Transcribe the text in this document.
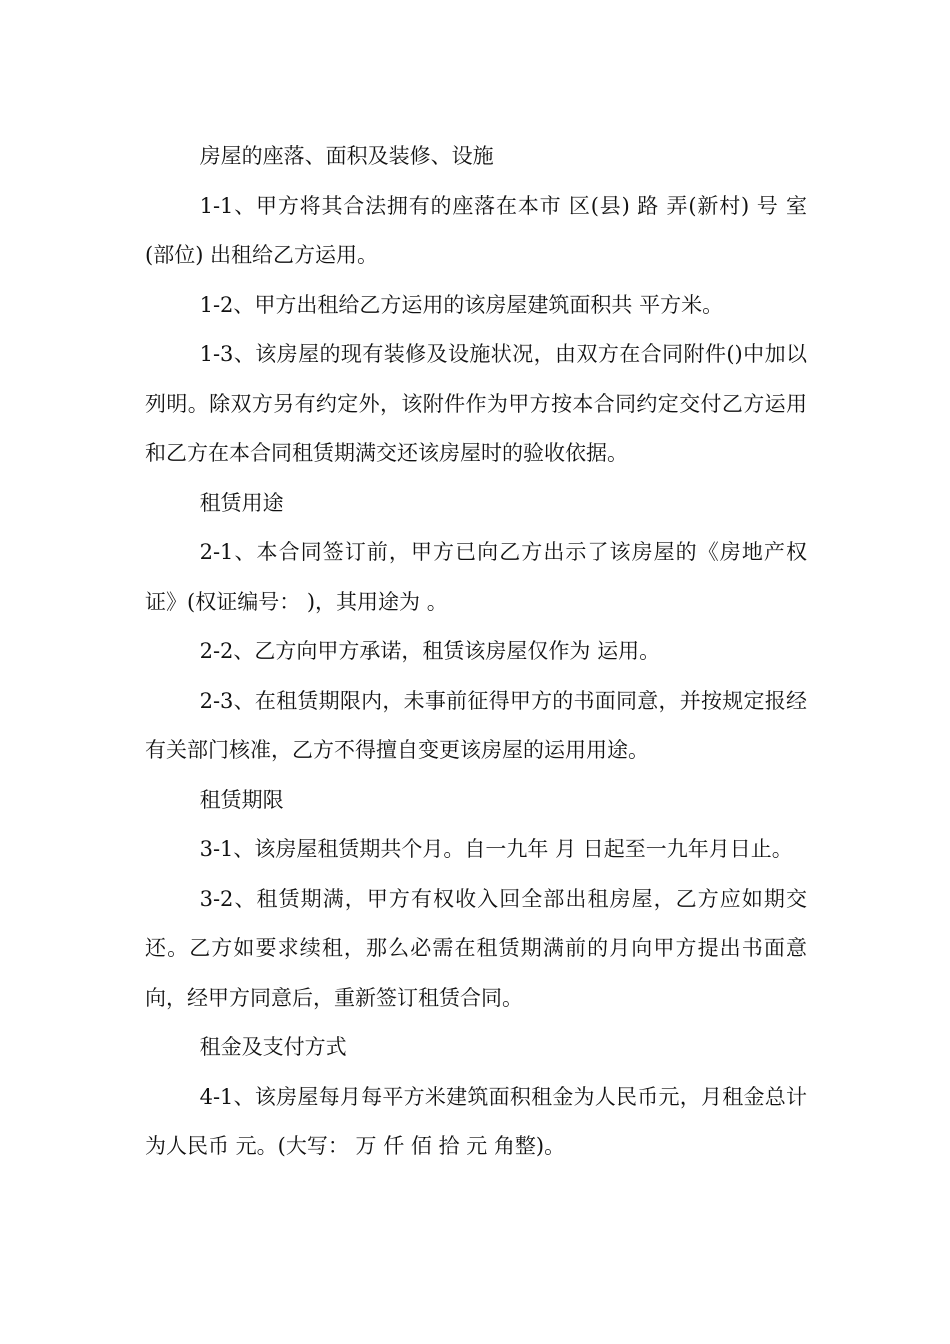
房屋的座落、面积及装修、设施

1-1、甲方将其合法拥有的座落在本市 区(县) 路 弄(新村) 号 室(部位) 出租给乙方运用。

1-2、甲方出租给乙方运用的该房屋建筑面积共 平方米。

1-3、该房屋的现有装修及设施状况，由双方在合同附件()中加以列明。除双方另有约定外，该附件作为甲方按本合同约定交付乙方运用和乙方在本合同租赁期满交还该房屋时的验收依据。

租赁用途

2-1、本合同签订前，甲方已向乙方出示了该房屋的《房地产权证》(权证编号： )，其用途为 。

2-2、乙方向甲方承诺，租赁该房屋仅作为 运用。

2-3、在租赁期限内，未事前征得甲方的书面同意，并按规定报经有关部门核准，乙方不得擅自变更该房屋的运用用途。

租赁期限

3-1、该房屋租赁期共个月。自一九年 月 日起至一九年月日止。

3-2、租赁期满，甲方有权收入回全部出租房屋，乙方应如期交还。乙方如要求续租，那么必需在租赁期满前的月向甲方提出书面意向，经甲方同意后，重新签订租赁合同。

租金及支付方式

4-1、该房屋每月每平方米建筑面积租金为人民币元，月租金总计为人民币 元。(大写： 万 仟 佰 拾 元 角整)。
